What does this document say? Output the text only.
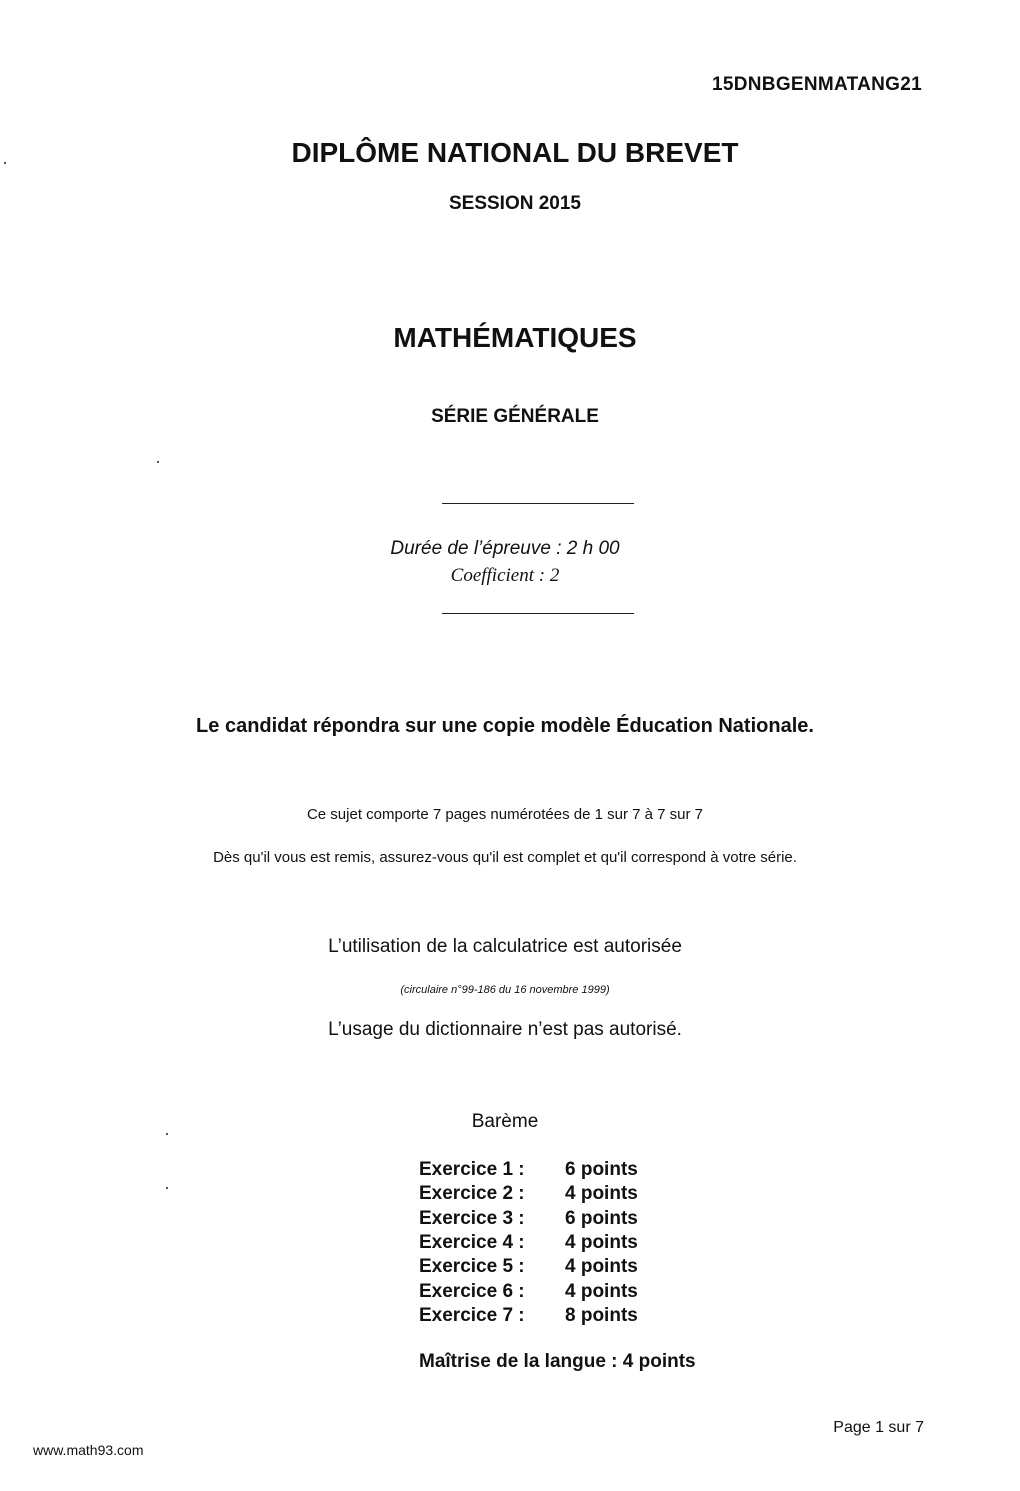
15DNBGENMATANG21
DIPLÔME NATIONAL DU BREVET
SESSION 2015
MATHÉMATIQUES
SÉRIE GÉNÉRALE
Durée de l’épreuve : 2 h 00
Coefficient : 2
Le candidat répondra sur une copie modèle Éducation Nationale.
Ce sujet comporte 7 pages numérotées de 1 sur 7 à 7 sur 7
Dès qu'il vous est remis, assurez-vous qu'il est complet et qu'il correspond à votre série.
L’utilisation de la calculatrice est autorisée
(circulaire n°99-186 du 16 novembre 1999)
L’usage du dictionnaire n’est pas autorisé.
Barème
Exercice 1 :	6 points
Exercice 2 :	4 points
Exercice 3 :	6 points
Exercice 4 :	4 points
Exercice 5 :	4 points
Exercice 6 :	4 points
Exercice 7 :	8 points
Maîtrise de la langue : 4 points
Page 1 sur 7
www.math93.com
